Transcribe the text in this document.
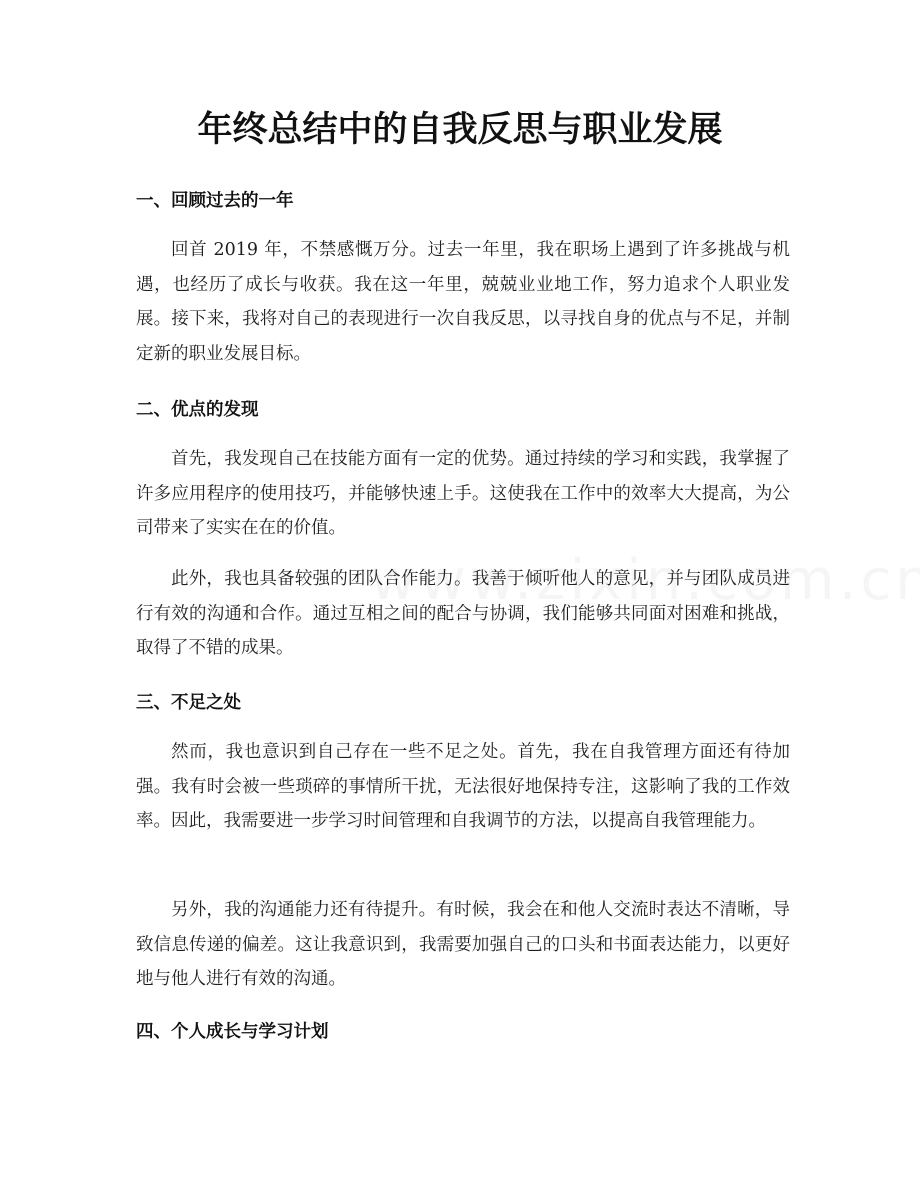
年终总结中的自我反思与职业发展
一、回顾过去的一年

回首 2019 年，不禁感慨万分。过去一年里，我在职场上遇到了许多挑战与机遇，也经历了成长与收获。我在这一年里，兢兢业业地工作，努力追求个人职业发展。接下来，我将对自己的表现进行一次自我反思，以寻找自身的优点与不足，并制定新的职业发展目标。

二、优点的发现

首先，我发现自己在技能方面有一定的优势。通过持续的学习和实践，我掌握了许多应用程序的使用技巧，并能够快速上手。这使我在工作中的效率大大提高，为公司带来了实实在在的价值。

此外，我也具备较强的团队合作能力。我善于倾听他人的意见，并与团队成员进行有效的沟通和合作。通过互相之间的配合与协调，我们能够共同面对困难和挑战，取得了不错的成果。

三、不足之处

然而，我也意识到自己存在一些不足之处。首先，我在自我管理方面还有待加强。我有时会被一些琐碎的事情所干扰，无法很好地保持专注，这影响了我的工作效率。因此，我需要进一步学习时间管理和自我调节的方法，以提高自我管理能力。

另外，我的沟通能力还有待提升。有时候，我会在和他人交流时表达不清晰，导致信息传递的偏差。这让我意识到，我需要加强自己的口头和书面表达能力，以更好地与他人进行有效的沟通。

四、个人成长与学习计划
